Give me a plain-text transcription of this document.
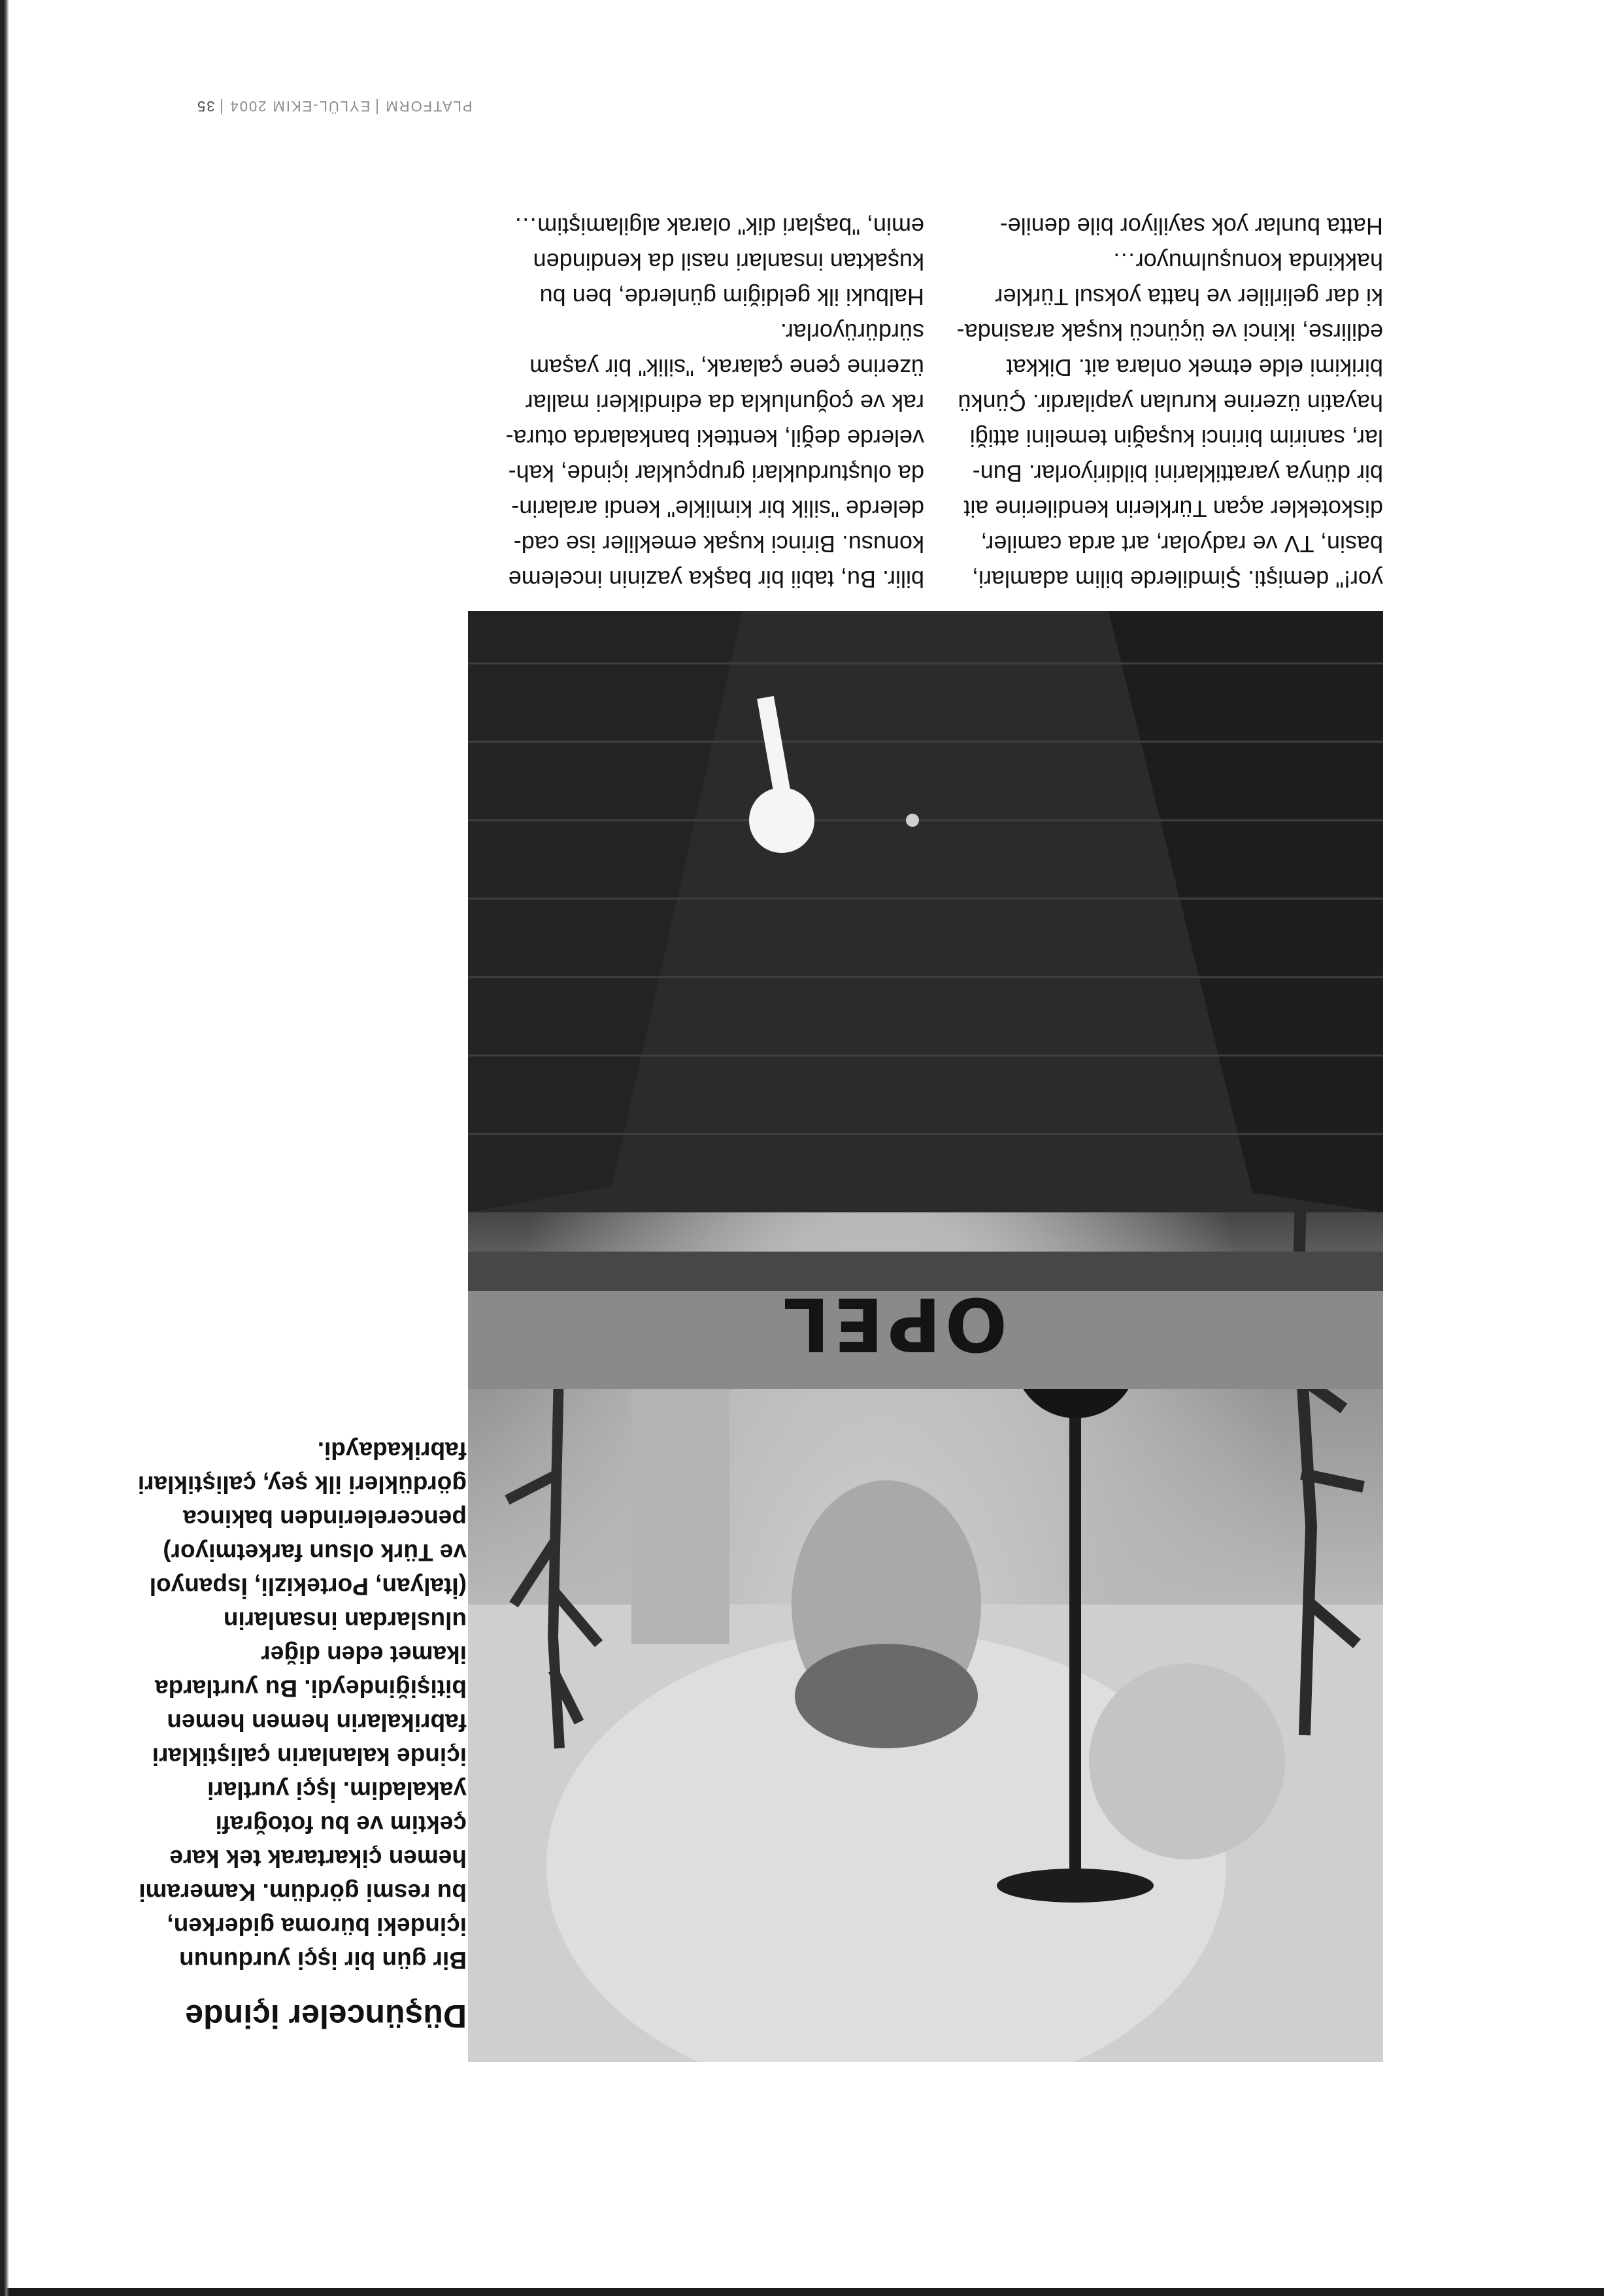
Düşünceler içinde

Bir gün bir işçi yurdunun
içindeki büroma giderken,
bu resmi gördüm. Kamerami
hemen çikartarak tek kare
çektim ve bu fotoğrafi
yakaladim. İşçi yurtlari
içinde kalanlarin çaliştiklari
fabrikalarin hemen hemen
bitişiğindeydi. Bu yurtlarda
ikamet eden diğer
uluslardan insanlarin
(İtalyan, Portekizli, İspanyol
ve Türk olsun farketmiyor)
pencerelerinden bakinca
gördükleri ilk şey, çaliştiklari
fabrikadaydi.

OPEL

yor!" demişti. Şimdilerde bilim adamlari,
basin, TV ve radyolar, art arda camiler,
diskotekler açan Türklerin kendilerine ait
bir dünya yarattiklarini bildiriyorlar. Bun-
lar, sanirim birinci kuşağin temelini attiği
hayatin üzerine kurulan yapilardir. Çünkü
birikimi elde etmek onlara ait. Dikkat
edilirse, ikinci ve üçüncü kuşak arasinda-
ki dar gelirliler ve hatta yoksul Türkler
hakkinda konuşulmuyor…
Hatta bunlar yok sayiliyor bile denile-

bilir. Bu, tabii bir başka yazinin inceleme
konusu. Birinci kuşak emekliler ise cad-
delerde "silik bir kimlikle" kendi aralarin-
da oluşturduklari grupçuklar içinde, kah-
velerde değil, kentteki bankalarda otura-
rak ve çoğunlukla da edindikleri mallar
üzerine çene çalarak, "silik" bir yaşam
sürdürüyorlar.
Halbuki ilk geldiğim günlerde, ben bu
kuşaktan insanlari nasil da kendinden
emin, "başlari dik" olarak algilamiştim…

PLATFORMEYLÜL-EKIM 200435
